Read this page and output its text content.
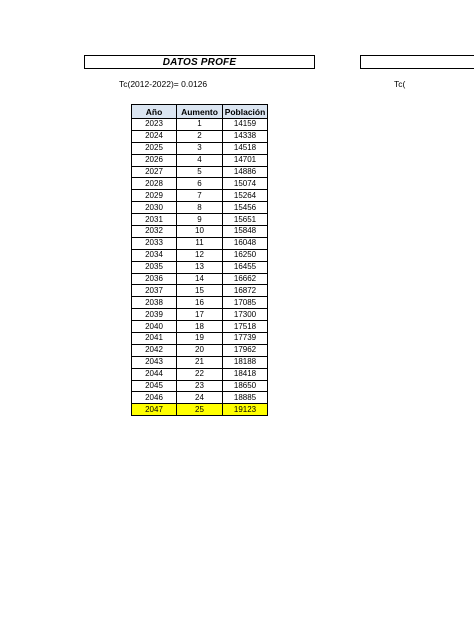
DATOS PROFE
Tc(2012-2022)= 0.0126	Tc(
Año	Aumento	Población
2023	1	14159
2024	2	14338
2025	3	14518
2026	4	14701
2027	5	14886
2028	6	15074
2029	7	15264
2030	8	15456
2031	9	15651
2032	10	15848
2033	11	16048
2034	12	16250
2035	13	16455
2036	14	16662
2037	15	16872
2038	16	17085
2039	17	17300
2040	18	17518
2041	19	17739
2042	20	17962
2043	21	18188
2044	22	18418
2045	23	18650
2046	24	18885
2047	25	19123
